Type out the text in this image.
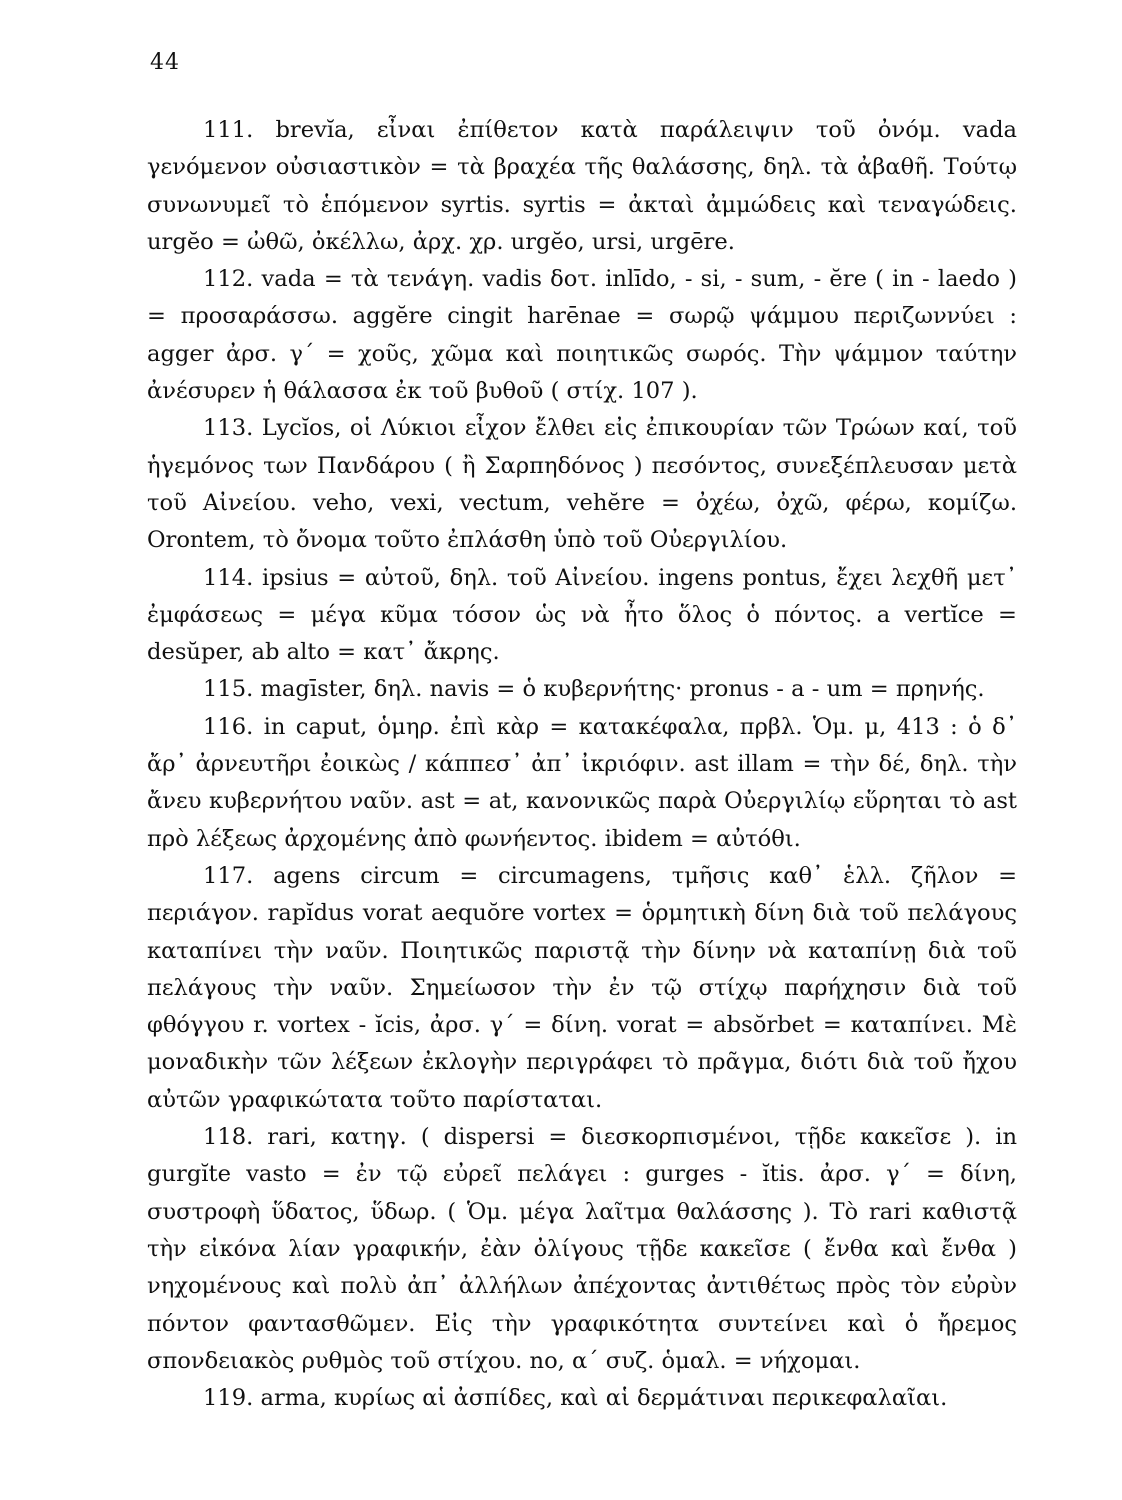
44

111. brevĭa, εἶναι ἐπίθετον κατὰ παράλειψιν τοῦ ὀνόμ. vada γενόμενον οὐσιαστικὸν = τὰ βραχέα τῆς θαλάσσης, δηλ. τὰ ἀβαθῆ. Τούτῳ συνωνυμεῖ τὸ ἑπόμενον syrtis. syrtis = ἀκταὶ ἀμμώδεις καὶ τεναγώδεις. urgĕo = ὠθῶ, ὀκέλλω, ἀρχ. χρ. urgĕo, ursi, urgēre.

112. vada = τὰ τενάγη. vadis δοτ. inlīdo, - si, - sum, - ĕre ( in - laedo ) = προσαράσσω. aggĕre cingit harēnae = σωρῷ ψάμμου περιζωννύει : agger ἀρσ. γ΄ = χοῦς, χῶμα καὶ ποιητικῶς σωρός. Τὴν ψάμμον ταύτην ἀνέσυρεν ἡ θάλασσα ἐκ τοῦ βυθοῦ ( στίχ. 107 ).

113. Lycĭos, οἱ Λύκιοι εἶχον ἔλθει εἰς ἐπικουρίαν τῶν Τρώων καί, τοῦ ἡγεμόνος των Πανδάρου ( ἢ Σαρπηδόνος ) πεσόντος, συνεξέπλευσαν μετὰ τοῦ Αἰνείου. veho, vexi, vectum, vehĕre = ὀχέω, ὀχῶ, φέρω, κομίζω. Orontem, τὸ ὄνομα τοῦτο ἐπλάσθη ὑπὸ τοῦ Οὐεργιλίου.

114. ipsius = αὐτοῦ, δηλ. τοῦ Αἰνείου. ingens pontus, ἔχει λεχθῆ μετ᾽ ἐμφάσεως = μέγα κῦμα τόσον ὡς νὰ ἦτο ὅλος ὁ πόντος. a vertĭce = desŭper, ab alto = κατ᾽ ἄκρης.

115. magīster, δηλ. navis = ὁ κυβερνήτης· pronus - a - um = πρηνής.

116. in caput, ὁμηρ. ἐπὶ κὰρ = κατακέφαλα, πρβλ. Ὁμ. μ, 413 : ὁ δ᾽ ἄρ᾽ ἀρνευτῆρι ἐοικὼς / κάππεσ᾽ ἀπ᾽ ἰκριόφιν. ast illam = τὴν δέ, δηλ. τὴν ἄνευ κυβερνήτου ναῦν. ast = at, κανονικῶς παρὰ Οὐεργιλίῳ εὕρηται τὸ ast πρὸ λέξεως ἀρχομένης ἀπὸ φωνήεντος. ibidem = αὐτόθι.

117. agens circum = circumagens, τμῆσις καθ᾽ ἑλλ. ζῆλον = περιάγον. rapĭdus vorat aequŏre vortex = ὁρμητικὴ δίνη διὰ τοῦ πελάγους καταπίνει τὴν ναῦν. Ποιητικῶς παριστᾷ τὴν δίνην νὰ καταπίνῃ διὰ τοῦ πελάγους τὴν ναῦν. Σημείωσον τὴν ἐν τῷ στίχῳ παρήχησιν διὰ τοῦ φθόγγου r. vortex - ĭcis, ἀρσ. γ΄ = δίνη. vorat = absŏrbet = καταπίνει. Μὲ μοναδικὴν τῶν λέξεων ἐκλογὴν περιγράφει τὸ πρᾶγμα, διότι διὰ τοῦ ἤχου αὐτῶν γραφικώτατα τοῦτο παρίσταται.

118. rari, κατηγ. ( dispersi = διεσκορπισμένοι, τῇδε κακεῖσε ). in gurgĭte vasto = ἐν τῷ εὐρεῖ πελάγει : gurges - ĭtis. ἀρσ. γ΄ = δίνη, συστροφὴ ὕδατος, ὕδωρ. ( Ὁμ. μέγα λαῖτμα θαλάσσης ). Τὸ rari καθιστᾷ τὴν εἰκόνα λίαν γραφικήν, ἐὰν ὀλίγους τῇδε κακεῖσε ( ἔνθα καὶ ἔνθα ) νηχομένους καὶ πολὺ ἀπ᾽ ἀλλήλων ἀπέχοντας ἀντιθέτως πρὸς τὸν εὐρὺν πόντον φαντασθῶμεν. Εἰς τὴν γραφικότητα συντείνει καὶ ὁ ἤρεμος σπονδειακὸς ρυθμὸς τοῦ στίχου. no, α΄ συζ. ὁμαλ. = νήχομαι.

119. arma, κυρίως αἱ ἀσπίδες, καὶ αἱ δερμάτιναι περικεφαλαῖαι.
